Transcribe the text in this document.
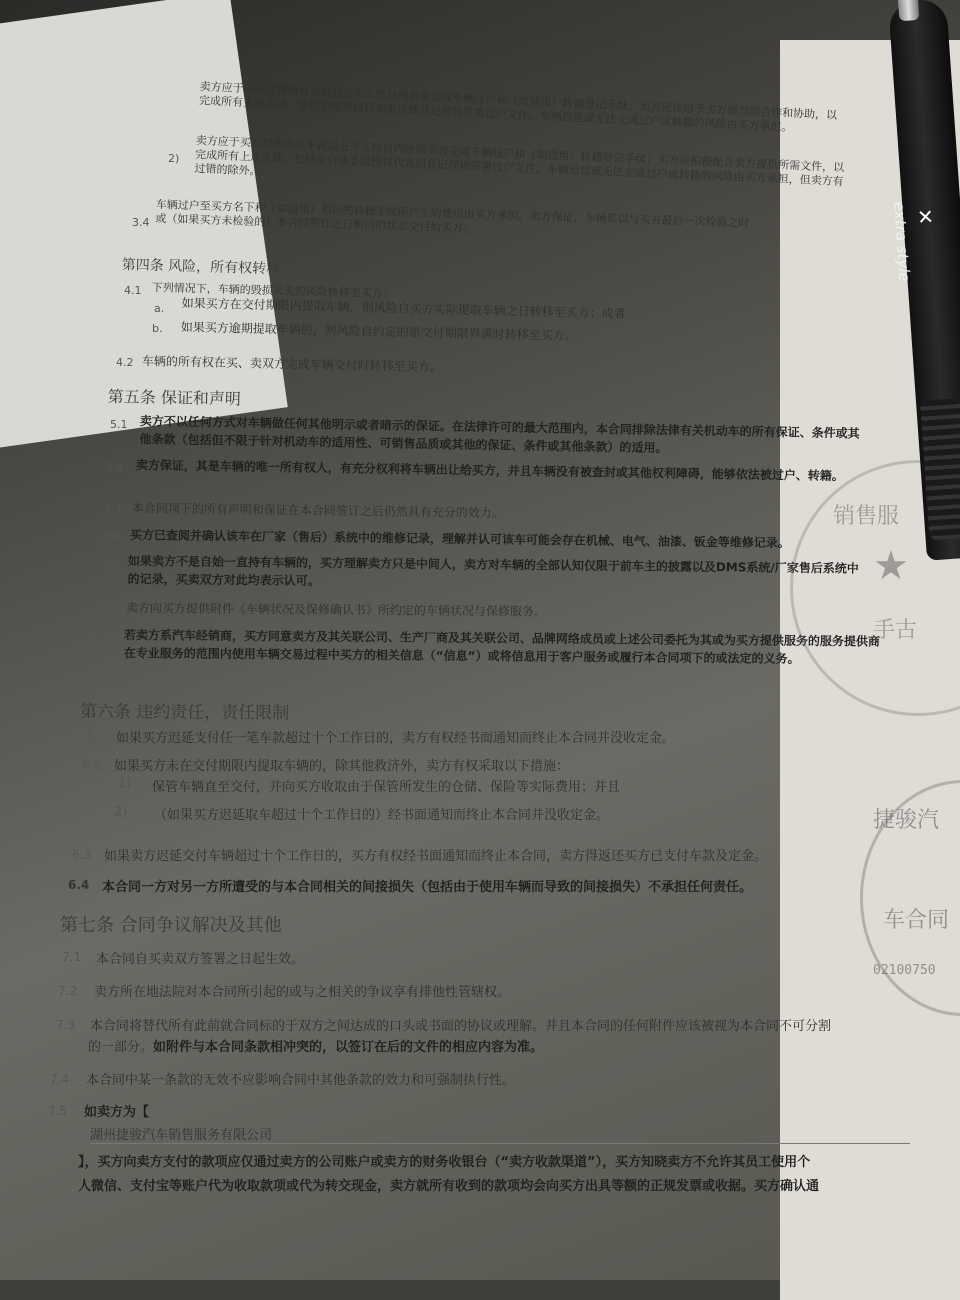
卖方应于买方付清所有车款后五个工作日内负责完成车辆过户和（如适用）转籍登记手续；卖方应该给予买方适当的合作和协助，以完成所有上述手续，包括委派授权代表亲自到登记现场签署过户文件。车辆迟延或无法完成过户或转籍的风险由买方承担。
2) 卖方应于买方付清所有车款后五个工作日内协助买方完成车辆过户和（如适用）转籍登记手续；买方应积极配合卖方提供所需文件，以完成所有上述手续，包括亲自或委派授权代表到登记现场签署过户文件。车辆迟延或无法完成过户或转籍的风险由买方承担，但卖方有过错的除外。
3.4 车辆过户至买方名下和（如适用）相应的转籍手续所产生的费用由买方承担。卖方保证，车辆系以与买方最后一次检验之时或（如果买方未检验的）本合同签订之日相同的状态交付给买方。
第四条 风险，所有权转移
4.1 下列情况下，车辆的毁损灭失的风险转移至买方：
a. 如果买方在交付期限内提取车辆，则风险自买方实际提取车辆之日转移至买方；或者
b. 如果买方逾期提取车辆的，则风险自约定的原交付期限界满时转移至买方。
4.2 车辆的所有权在买、卖双方完成车辆交付时转移至买方。
第五条 保证和声明
5.1 卖方不以任何方式对车辆做任何其他明示或者暗示的保证。在法律许可的最大范围内，本合同排除法律有关机动车的所有保证、条件或其他条款（包括但不限于针对机动车的适用性、可销售品质或其他的保证、条件或其他条款）的适用。
5.2 卖方保证，其是车辆的唯一所有权人，有充分权利将车辆出让给买方，并且车辆没有被查封或其他权利障碍，能够依法被过户、转籍。
5.3 本合同项下的所有声明和保证在本合同签订之后仍然具有充分的效力。
5.4 买方已查阅并确认该车在厂家（售后）系统中的维修记录，理解并认可该车可能会存在机械、电气、油漆、钣金等维修记录。
5.5 如果卖方不是自始一直持有车辆的，买方理解卖方只是中间人，卖方对车辆的全部认知仅限于前车主的披露以及DMS系统/厂家售后系统中的记录，买卖双方对此均表示认可。
5.6 卖方向买方提供附件《车辆状况及保修确认书》所约定的车辆状况与保修服务。
5.7 若卖方系汽车经销商，买方同意卖方及其关联公司、生产厂商及其关联公司、品牌网络成员或上述公司委托为其或为买方提供服务的服务提供商在专业服务的范围内使用车辆交易过程中买方的相关信息（“信息”）或将信息用于客户服务或履行本合同项下的或法定的义务。
第六条 违约责任，责任限制
6.1 如果买方迟延支付任一笔车款超过十个工作日的，卖方有权经书面通知而终止本合同并没收定金。
6.2 如果买方未在交付期限内提取车辆的，除其他救济外，卖方有权采取以下措施：
1) 保管车辆直至交付，并向买方收取由于保管所发生的仓储、保险等实际费用；并且
2) （如果买方迟延取车超过十个工作日的）经书面通知而终止本合同并没收定金。
6.3 如果卖方迟延交付车辆超过十个工作日的，买方有权经书面通知而终止本合同，卖方得返还买方已支付车款及定金。
6.4 本合同一方对另一方所遭受的与本合同相关的间接损失（包括由于使用车辆而导致的间接损失）不承担任何责任。
第七条 合同争议解决及其他
7.1 本合同自买卖双方签署之日起生效。
7.2 卖方所在地法院对本合同所引起的或与之相关的争议享有排他性管辖权。
7.3 本合同将替代所有此前就合同标的于双方之间达成的口头或书面的协议或理解。并且本合同的任何附件应该被视为本合同不可分割
的一部分。如附件与本合同条款相冲突的，以签订在后的文件的相应内容为准。
7.4 本合同中某一条款的无效不应影响合同中其他条款的效力和可强制执行性。
7.5 如卖方为【
湖州捷骏汽车销售服务有限公司
】，买方向卖方支付的款项应仅通过卖方的公司账户或卖方的财务收银台（“卖方收款渠道”），买方知晓卖方不允许其员工使用个
人微信、支付宝等账户代为收取款项或代为转交现金，卖方就所有收到的款项均会向买方出具等额的正规发票或收据。买方确认通
销售服
★
手古
捷骏汽
车合同
02100750
✕
extra style
